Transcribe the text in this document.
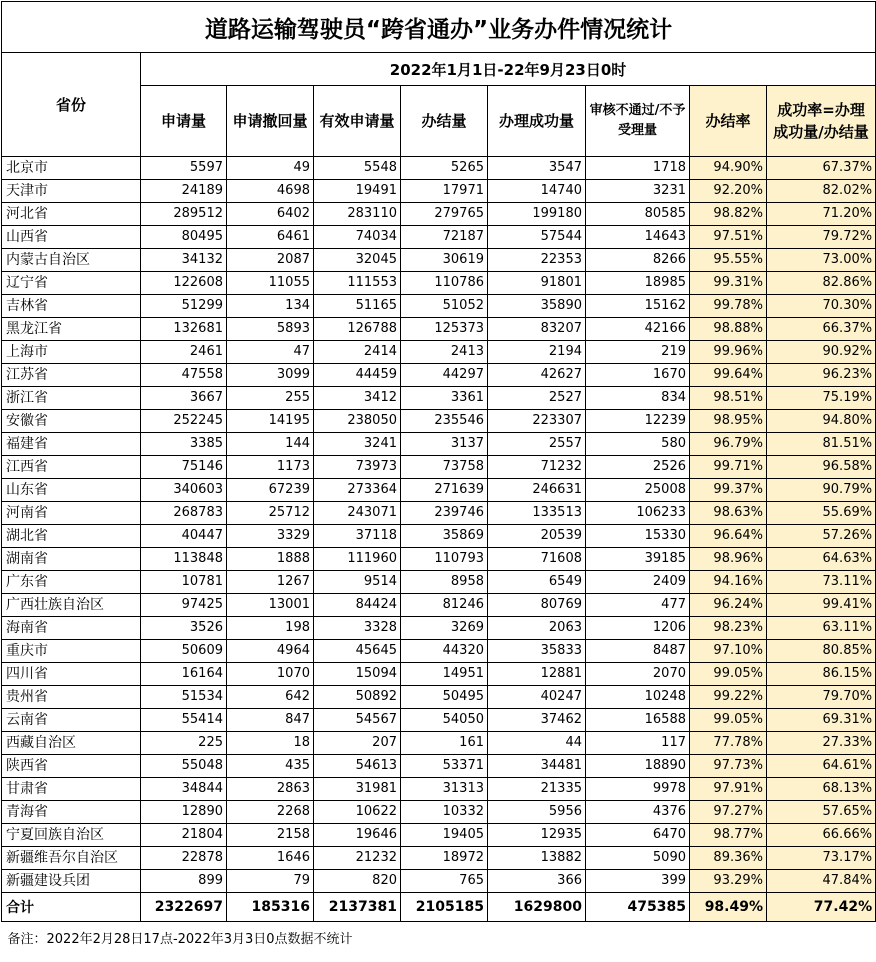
道路运输驾驶员“跨省通办”业务办件情况统计								
省份	2022年1月1日-22年9月23日0时							
	申请量	申请撤回量	有效申请量	办结量	办理成功量	审核不通过/不予受理量	办结率	成功率=办理成功量/办结量
北京市	5597	49	5548	5265	3547	1718	94.90%	67.37%
天津市	24189	4698	19491	17971	14740	3231	92.20%	82.02%
河北省	289512	6402	283110	279765	199180	80585	98.82%	71.20%
山西省	80495	6461	74034	72187	57544	14643	97.51%	79.72%
内蒙古自治区	34132	2087	32045	30619	22353	8266	95.55%	73.00%
辽宁省	122608	11055	111553	110786	91801	18985	99.31%	82.86%
吉林省	51299	134	51165	51052	35890	15162	99.78%	70.30%
黑龙江省	132681	5893	126788	125373	83207	42166	98.88%	66.37%
上海市	2461	47	2414	2413	2194	219	99.96%	90.92%
江苏省	47558	3099	44459	44297	42627	1670	99.64%	96.23%
浙江省	3667	255	3412	3361	2527	834	98.51%	75.19%
安徽省	252245	14195	238050	235546	223307	12239	98.95%	94.80%
福建省	3385	144	3241	3137	2557	580	96.79%	81.51%
江西省	75146	1173	73973	73758	71232	2526	99.71%	96.58%
山东省	340603	67239	273364	271639	246631	25008	99.37%	90.79%
河南省	268783	25712	243071	239746	133513	106233	98.63%	55.69%
湖北省	40447	3329	37118	35869	20539	15330	96.64%	57.26%
湖南省	113848	1888	111960	110793	71608	39185	98.96%	64.63%
广东省	10781	1267	9514	8958	6549	2409	94.16%	73.11%
广西壮族自治区	97425	13001	84424	81246	80769	477	96.24%	99.41%
海南省	3526	198	3328	3269	2063	1206	98.23%	63.11%
重庆市	50609	4964	45645	44320	35833	8487	97.10%	80.85%
四川省	16164	1070	15094	14951	12881	2070	99.05%	86.15%
贵州省	51534	642	50892	50495	40247	10248	99.22%	79.70%
云南省	55414	847	54567	54050	37462	16588	99.05%	69.31%
西藏自治区	225	18	207	161	44	117	77.78%	27.33%
陕西省	55048	435	54613	53371	34481	18890	97.73%	64.61%
甘肃省	34844	2863	31981	31313	21335	9978	97.91%	68.13%
青海省	12890	2268	10622	10332	5956	4376	97.27%	57.65%
宁夏回族自治区	21804	2158	19646	19405	12935	6470	98.77%	66.66%
新疆维吾尔自治区	22878	1646	21232	18972	13882	5090	89.36%	73.17%
新疆建设兵团	899	79	820	765	366	399	93.29%	47.84%
合计	2322697	185316	2137381	2105185	1629800	475385	98.49%	77.42%
备注：2022年2月28日17点-2022年3月3日0点数据不统计								
